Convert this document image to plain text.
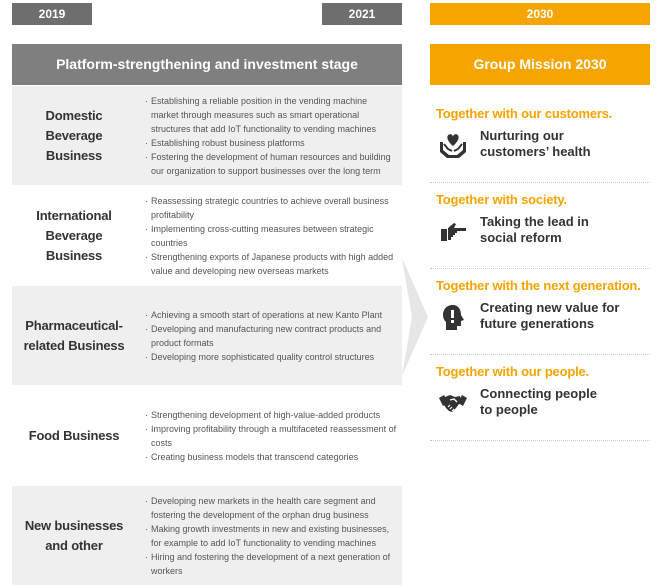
2019	2021	2030
Platform-strengthening and investment stage	Group Mission 2030
Domestic
Beverage
Business
· Establishing a reliable position in the vending machine market through measures such as smart operational structures that add IoT functionality to vending machines
· Establishing robust business platforms
· Fostering the development of human resources and building our organization to support businesses over the long term
International
Beverage
Business
· Reassessing strategic countries to achieve overall business profitability
· Implementing cross-cutting measures between strategic countries
· Strengthening exports of Japanese products with high added value and developing new overseas markets
Pharmaceutical-
related Business
· Achieving a smooth start of operations at new Kanto Plant
· Developing and manufacturing new contract products and product formats
· Developing more sophisticated quality control structures
Food Business
· Strengthening development of high-value-added products
· Improving profitability through a multifaceted reassessment of costs
· Creating business models that transcend categories
New businesses
and other
· Developing new markets in the health care segment and fostering the development of the orphan drug business
· Making growth investments in new and existing businesses, for example to add IoT functionality to vending machines
· Hiring and fostering the development of a next generation of workers
Together with our customers.
Nurturing our
customers’ health
Together with society.
Taking the lead in
social reform
Together with the next generation.
Creating new value for
future generations
Together with our people.
Connecting people
to people
